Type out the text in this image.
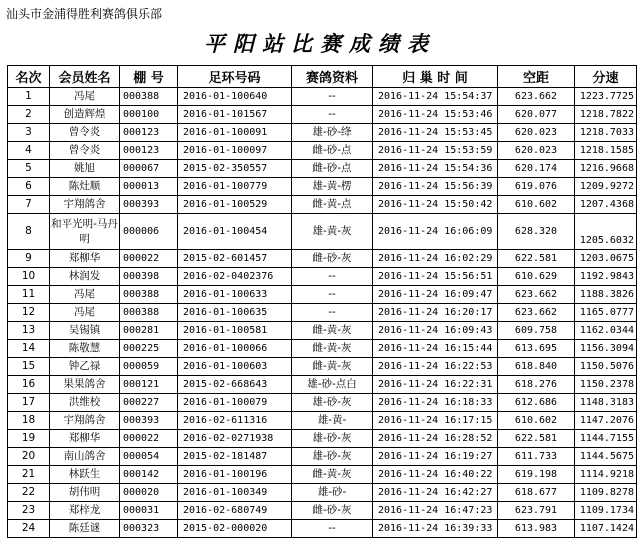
汕头市金浦得胜利赛鸽俱乐部
平阳站比赛成绩表
名次	会员姓名	棚 号	足环号码	赛鸽资料	归 巢 时 间	空距	分速
1	冯尾	000388	2016-01-100640	--	2016-11-24 15:54:37	623.662	1223.7725
2	创造辉煌	000100	2016-01-101567	--	2016-11-24 15:53:46	620.077	1218.7822
3	曾令炎	000123	2016-01-100091	雄-砂-绛	2016-11-24 15:53:45	620.023	1218.7033
4	曾令炎	000123	2016-01-100097	雌-砂-点	2016-11-24 15:53:59	620.023	1218.1585
5	姚旭	000067	2015-02-350557	雌-砂-点	2016-11-24 15:54:36	620.174	1216.9668
6	陈灶顺	000013	2016-01-100779	雄-黄-楞	2016-11-24 15:56:39	619.076	1209.9272
7	宇翔鸽舍	000393	2016-01-100529	雌-黄-点	2016-11-24 15:50:42	610.602	1207.4368
8	和平光明-马丹明	000006	2016-01-100454	雄-黄-灰	2016-11-24 16:06:09	628.320	1205.6032
9	郑柳华	000022	2015-02-601457	雌-砂-灰	2016-11-24 16:02:29	622.581	1203.0675
10	林润发	000398	2016-02-0402376	--	2016-11-24 15:56:51	610.629	1192.9843
11	冯尾	000388	2016-01-100633	--	2016-11-24 16:09:47	623.662	1188.3826
12	冯尾	000388	2016-01-100635	--	2016-11-24 16:20:17	623.662	1165.0777
13	吴锡镇	000281	2016-01-100581	雌-黄-灰	2016-11-24 16:09:43	609.758	1162.0344
14	陈敬慧	000225	2016-01-100066	雌-黄-灰	2016-11-24 16:15:44	613.695	1156.3094
15	钟乙禄	000059	2016-01-100603	雌-黄-灰	2016-11-24 16:22:53	618.840	1150.5076
16	果果鸽舍	000121	2015-02-668643	雄-砂-点白	2016-11-24 16:22:31	618.276	1150.2378
17	洪维校	000227	2016-01-100079	雄-砂-灰	2016-11-24 16:18:33	612.686	1148.3183
18	宇翔鸽舍	000393	2016-02-611316	雄-黄-	2016-11-24 16:17:15	610.602	1147.2076
19	郑柳华	000022	2016-02-0271938	雄-砂-灰	2016-11-24 16:28:52	622.581	1144.7155
20	南山鸽舍	000054	2015-02-181487	雄-砂-灰	2016-11-24 16:19:27	611.733	1144.5675
21	林跃生	000142	2016-01-100196	雌-黄-灰	2016-11-24 16:40:22	619.198	1114.9218
22	胡伟明	000020	2016-01-100349	雄-砂-	2016-11-24 16:42:27	618.677	1109.8278
23	郑梓龙	000031	2016-02-680749	雌-砂-灰	2016-11-24 16:47:23	623.791	1109.1734
24	陈廷谜	000323	2015-02-000020	--	2016-11-24 16:39:33	613.983	1107.1424
